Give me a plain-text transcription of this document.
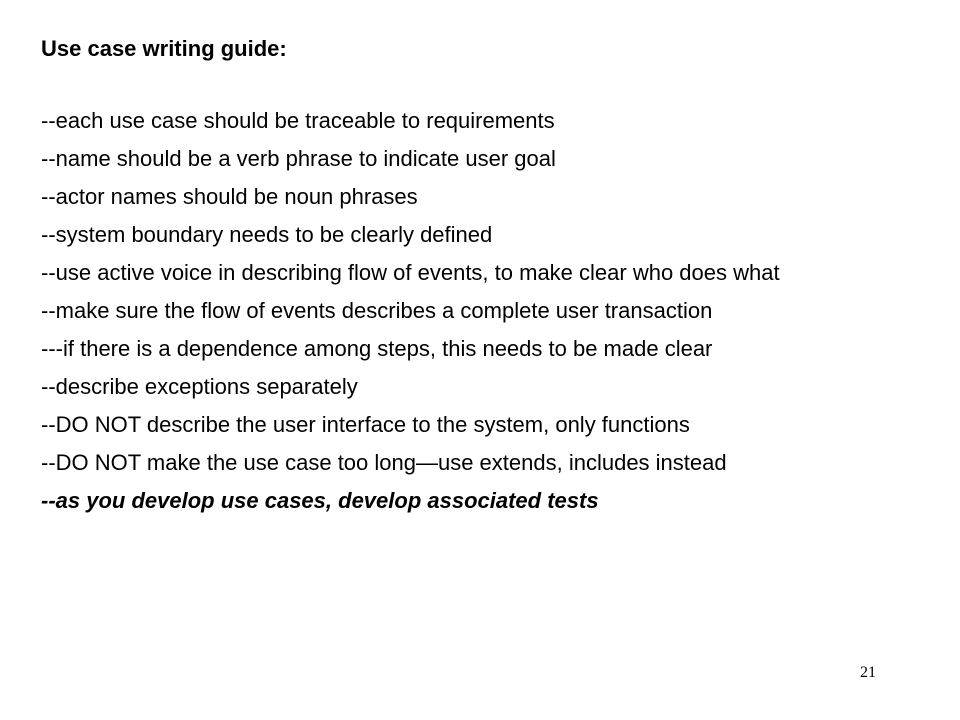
Use case writing guide:
--each use case should be traceable to requirements
--name should be a verb phrase to indicate user goal
--actor names should be noun phrases
--system boundary needs to be clearly defined
--use active voice in describing flow of events, to make clear who does what
--make sure the flow of events describes a complete user transaction
---if there is a dependence among steps, this needs to be made clear
--describe exceptions separately
--DO NOT describe the user interface to the system, only functions
--DO NOT make the use case too long—use extends, includes instead
--as you develop use cases, develop associated tests
21
